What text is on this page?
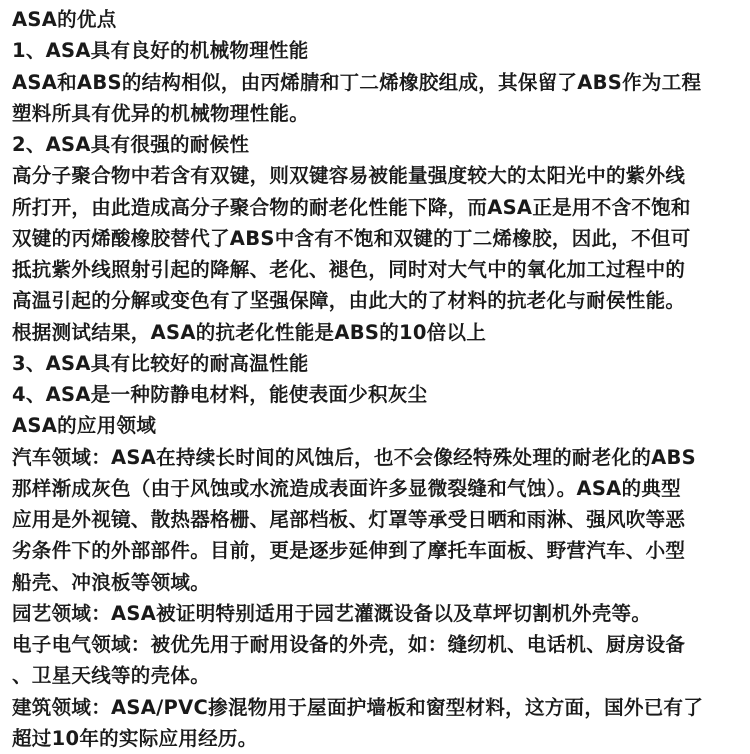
ASA的优点
1、ASA具有良好的机械物理性能
ASA和ABS的结构相似，由丙烯腈和丁二烯橡胶组成，其保留了ABS作为工程
塑料所具有优异的机械物理性能。
2、ASA具有很强的耐候性
高分子聚合物中若含有双键，则双键容易被能量强度较大的太阳光中的紫外线
所打开，由此造成高分子聚合物的耐老化性能下降，而ASA正是用不含不饱和
双键的丙烯酸橡胶替代了ABS中含有不饱和双键的丁二烯橡胶，因此，不但可
抵抗紫外线照射引起的降解、老化、褪色，同时对大气中的氧化加工过程中的
高温引起的分解或变色有了坚强保障，由此大的了材料的抗老化与耐侯性能。
根据测试结果，ASA的抗老化性能是ABS的10倍以上
3、ASA具有比较好的耐高温性能
4、ASA是一种防静电材料，能使表面少积灰尘
ASA的应用领域
汽车领域：ASA在持续长时间的风蚀后，也不会像经特殊处理的耐老化的ABS
那样渐成灰色（由于风蚀或水流造成表面许多显微裂缝和气蚀）。ASA的典型
应用是外视镜、散热器格栅、尾部档板、灯罩等承受日晒和雨淋、强风吹等恶
劣条件下的外部部件。目前，更是逐步延伸到了摩托车面板、野营汽车、小型
船壳、冲浪板等领域。
园艺领域：ASA被证明特别适用于园艺灌溉设备以及草坪切割机外壳等。
电子电气领域：被优先用于耐用设备的外壳，如：缝纫机、电话机、厨房设备
、卫星天线等的壳体。
建筑领域：ASA/PVC掺混物用于屋面护墙板和窗型材料，这方面，国外已有了
超过10年的实际应用经历。
